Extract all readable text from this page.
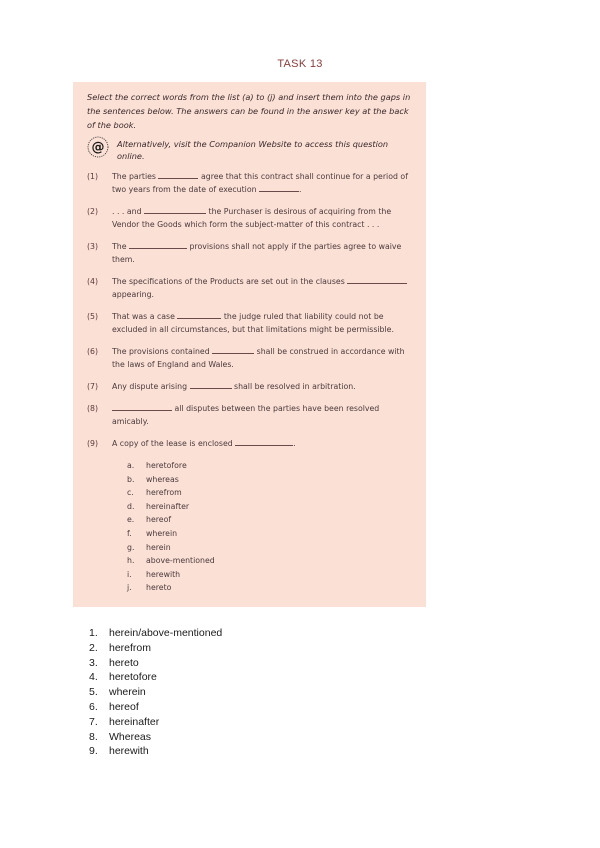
TASK 13

Select the correct words from the list (a) to (j) and insert them into the gaps in the sentences below. The answers can be found in the answer key at the back of the book.

@ Alternatively, visit the Companion Website to access this question online.
(1)	The parties	agree that this contract shall continue for a period of two years from the date of execution	.
(2)	. . . and	the Purchaser is desirous of acquiring from the Vendor the Goods which form the subject-matter of this contract . . .
(3)	The	provisions shall not apply if the parties agree to waive them.
(4)	The specifications of the Products are set out in the clauses  appearing.
(5)	That was a case	the judge ruled that liability could not be excluded in all circumstances, but that limitations might be permissible.
(6)	The provisions contained	shall be construed in accordance with the laws of England and Wales.
(7)	Any dispute arising	shall be resolved in arbitration.
(8)	all disputes between the parties have been resolved amicably.
(9)	A copy of the lease is enclosed	.
a.	heretofore
b.	whereas
c.	herefrom
d.	hereinafter
e.	hereof
f.	wherein
g.	herein
h.	above-mentioned
i.	herewith
j.	hereto
1.	herein/above-mentioned
2.	herefrom
3.	hereto
4.	heretofore
5.	wherein
6.	hereof
7.	hereinafter
8.	Whereas
9.	herewith
